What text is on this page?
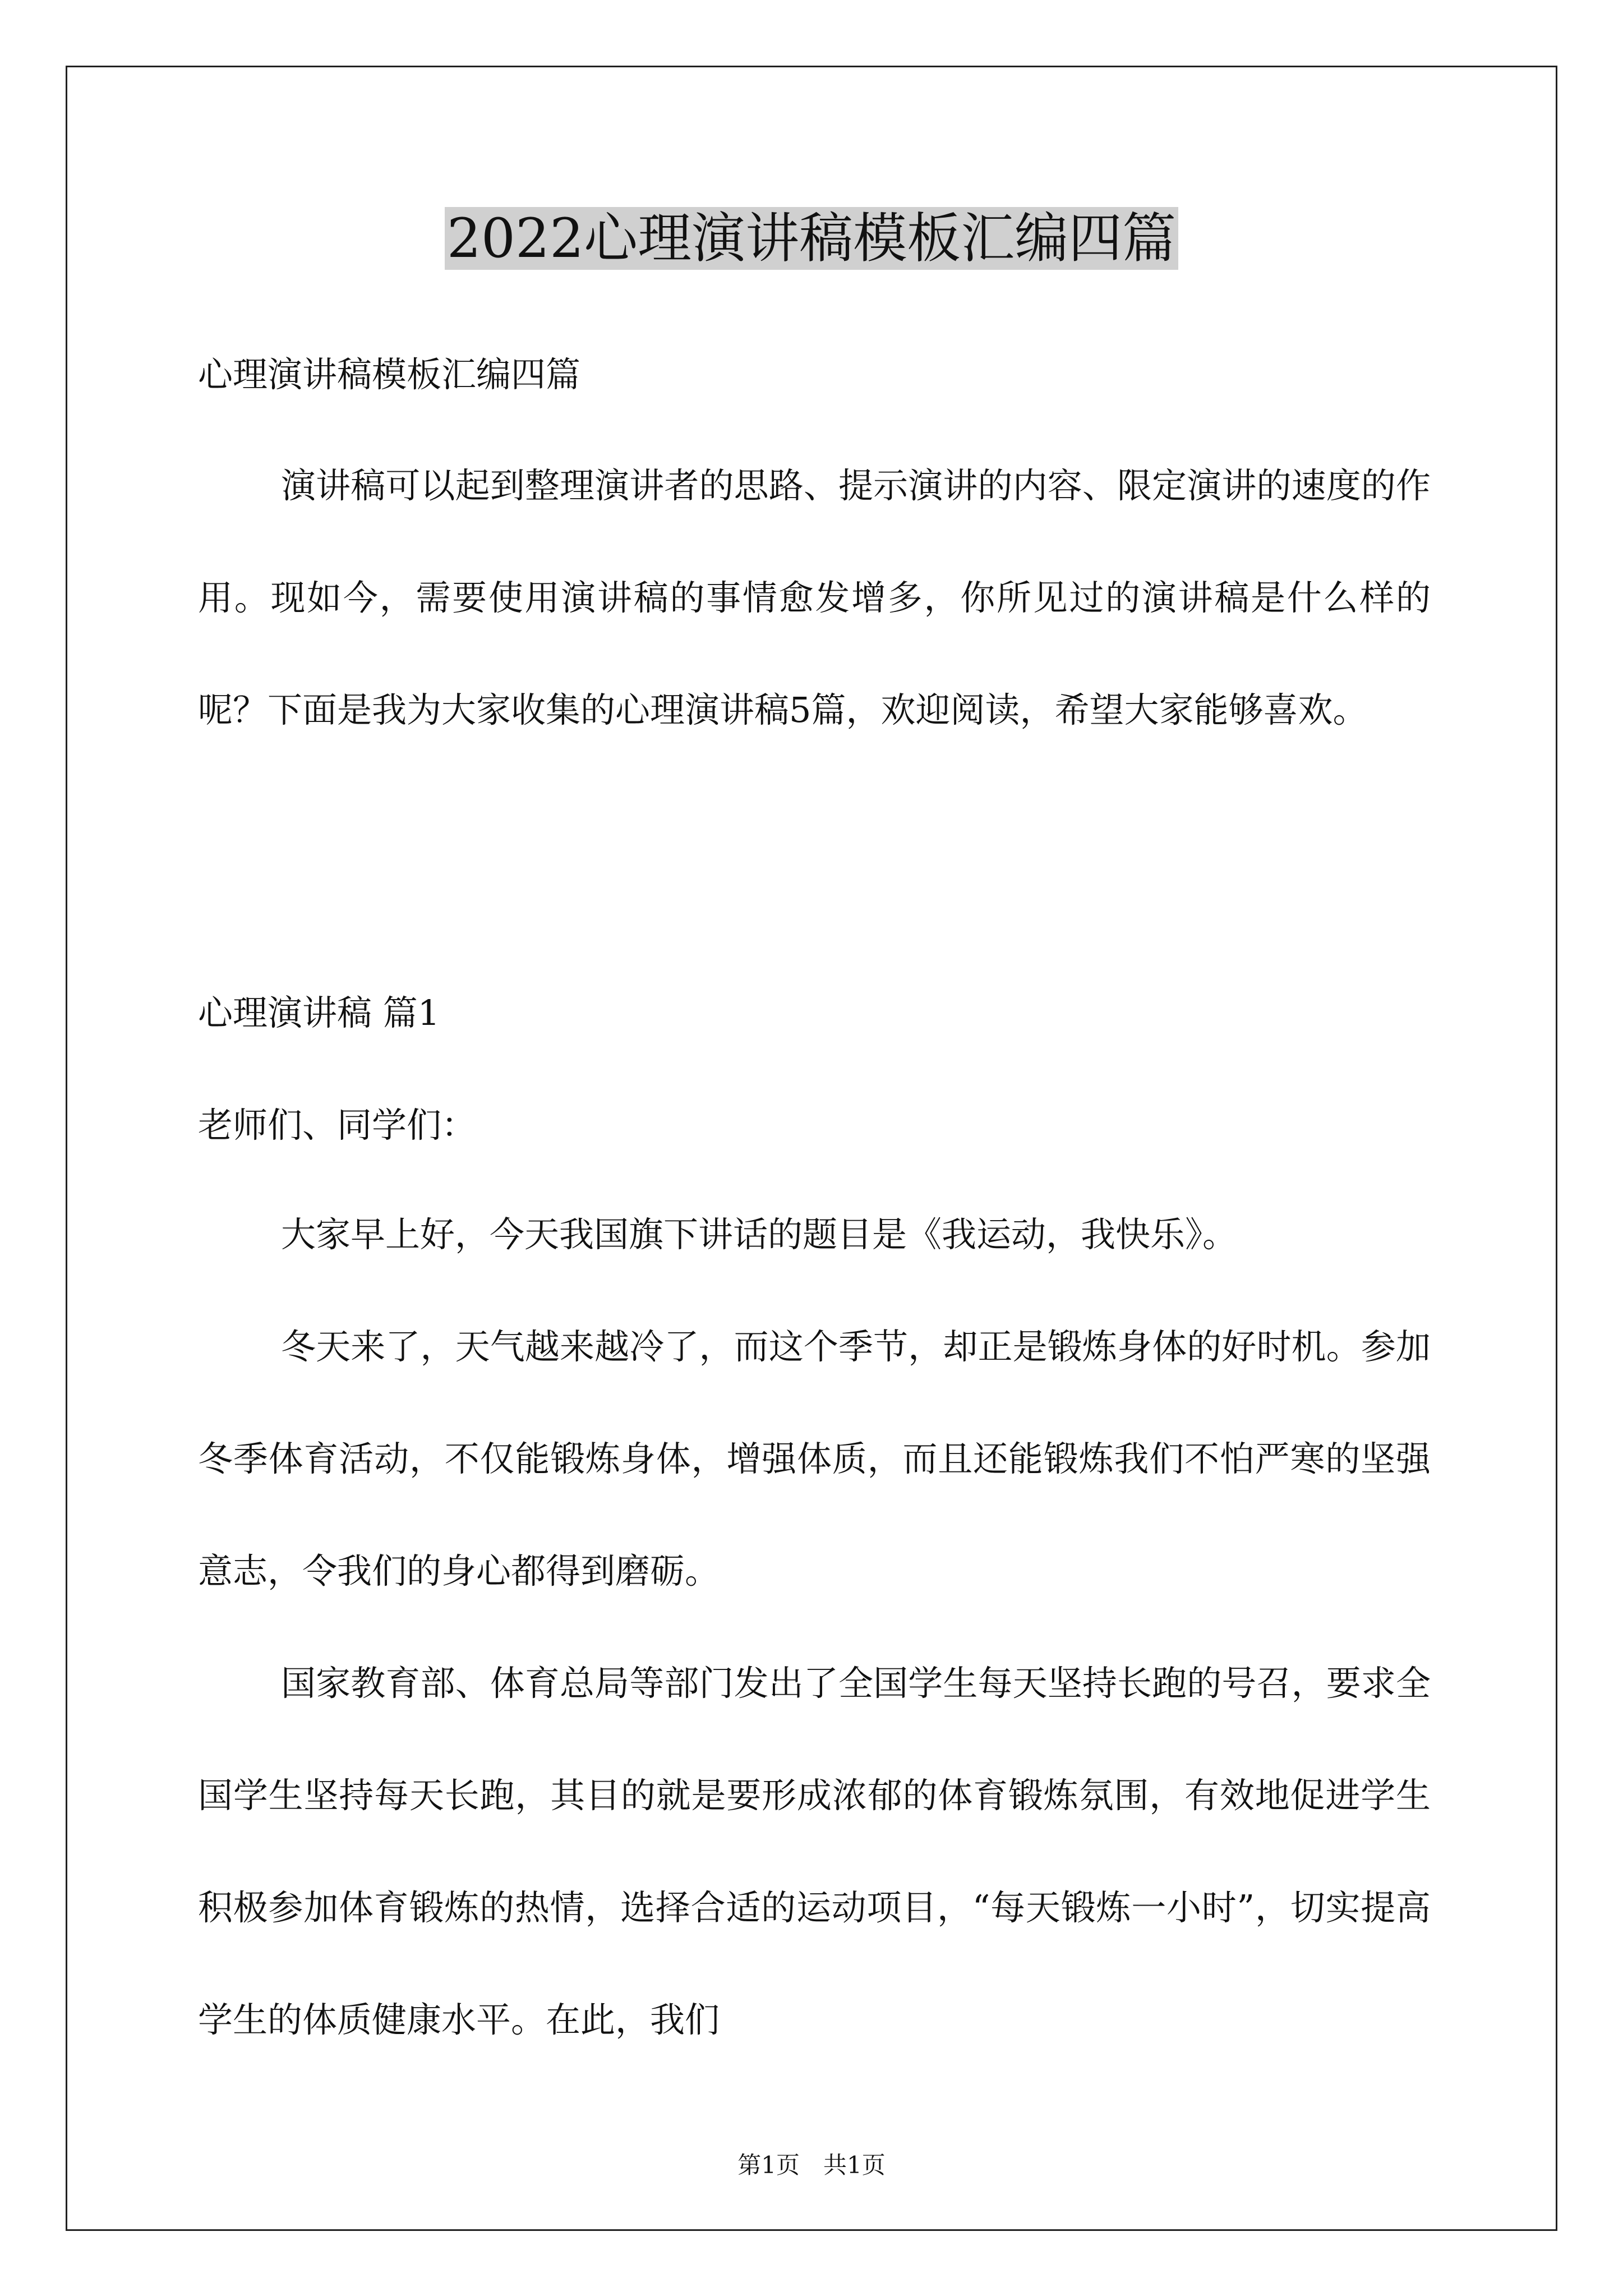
2022心理演讲稿模板汇编四篇
心理演讲稿模板汇编四篇
演讲稿可以起到整理演讲者的思路、提示演讲的内容、限定演讲的速度的作用。现如今，需要使用演讲稿的事情愈发增多，你所见过的演讲稿是什么样的呢？下面是我为大家收集的心理演讲稿5篇，欢迎阅读，希望大家能够喜欢。
心理演讲稿 篇1
老师们、同学们：
大家早上好，今天我国旗下讲话的题目是《我运动，我快乐》。
冬天来了，天气越来越冷了，而这个季节，却正是锻炼身体的好时机。参加冬季体育活动，不仅能锻炼身体，增强体质，而且还能锻炼我们不怕严寒的坚强意志，令我们的身心都得到磨砺。
国家教育部、体育总局等部门发出了全国学生每天坚持长跑的号召，要求全国学生坚持每天长跑，其目的就是要形成浓郁的体育锻炼氛围，有效地促进学生积极参加体育锻炼的热情，选择合适的运动项目，“每天锻炼一小时”，切实提高学生的体质健康水平。在此，我们
第1页　共1页
